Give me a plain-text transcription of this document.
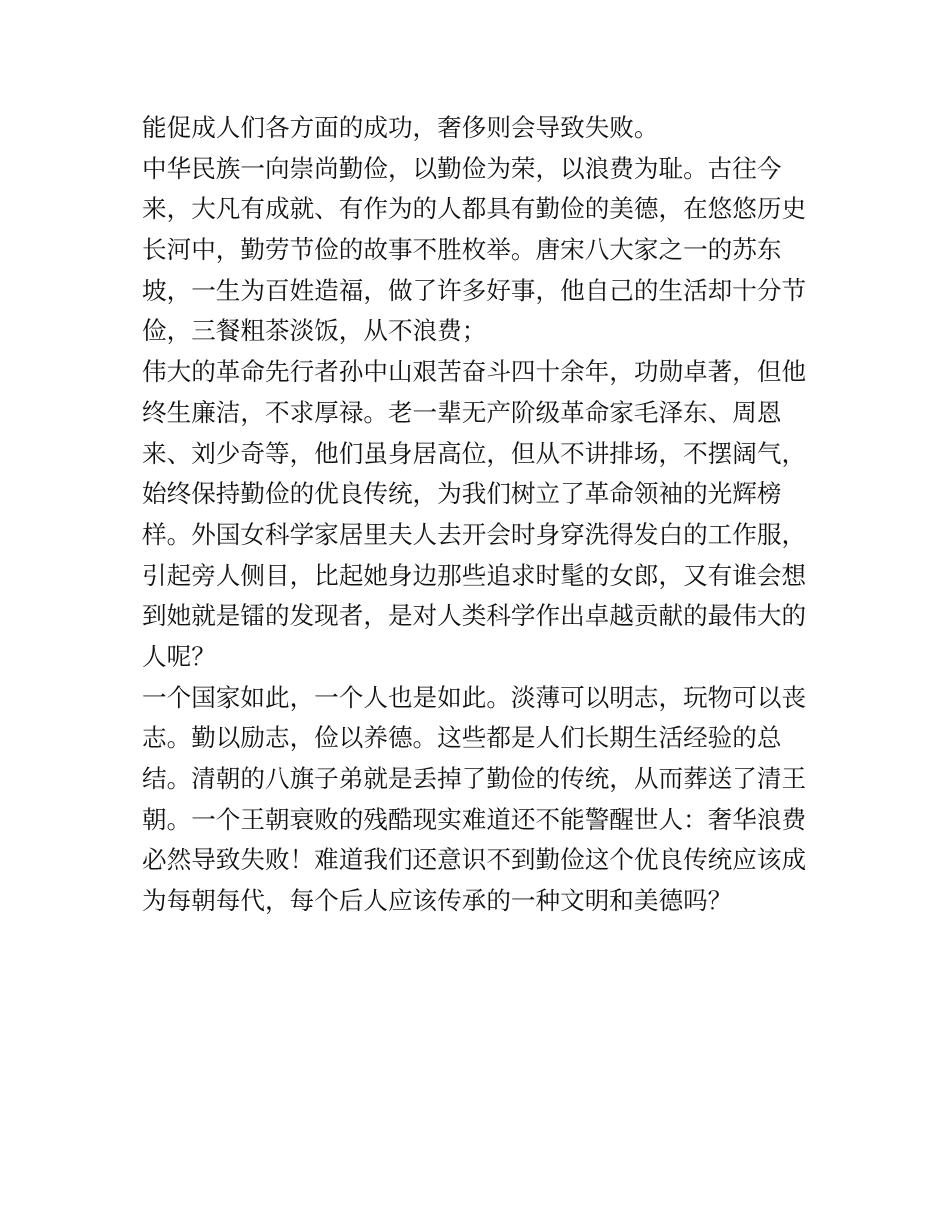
能促成人们各方面的成功，奢侈则会导致失败。
中华民族一向崇尚勤俭，以勤俭为荣，以浪费为耻。古往今
来，大凡有成就、有作为的人都具有勤俭的美德，在悠悠历史
长河中，勤劳节俭的故事不胜枚举。唐宋八大家之一的苏东
坡，一生为百姓造福，做了许多好事，他自己的生活却十分节
俭，三餐粗茶淡饭，从不浪费；
伟大的革命先行者孙中山艰苦奋斗四十余年，功勋卓著，但他
终生廉洁，不求厚禄。老一辈无产阶级革命家毛泽东、周恩
来、刘少奇等，他们虽身居高位，但从不讲排场，不摆阔气，
始终保持勤俭的优良传统，为我们树立了革命领袖的光辉榜
样。外国女科学家居里夫人去开会时身穿洗得发白的工作服，
引起旁人侧目，比起她身边那些追求时髦的女郎，又有谁会想
到她就是镭的发现者，是对人类科学作出卓越贡献的最伟大的
人呢？
一个国家如此，一个人也是如此。淡薄可以明志，玩物可以丧
志。勤以励志，俭以养德。这些都是人们长期生活经验的总
结。清朝的八旗子弟就是丢掉了勤俭的传统，从而葬送了清王
朝。一个王朝衰败的残酷现实难道还不能警醒世人：奢华浪费
必然导致失败！难道我们还意识不到勤俭这个优良传统应该成
为每朝每代，每个后人应该传承的一种文明和美德吗？
